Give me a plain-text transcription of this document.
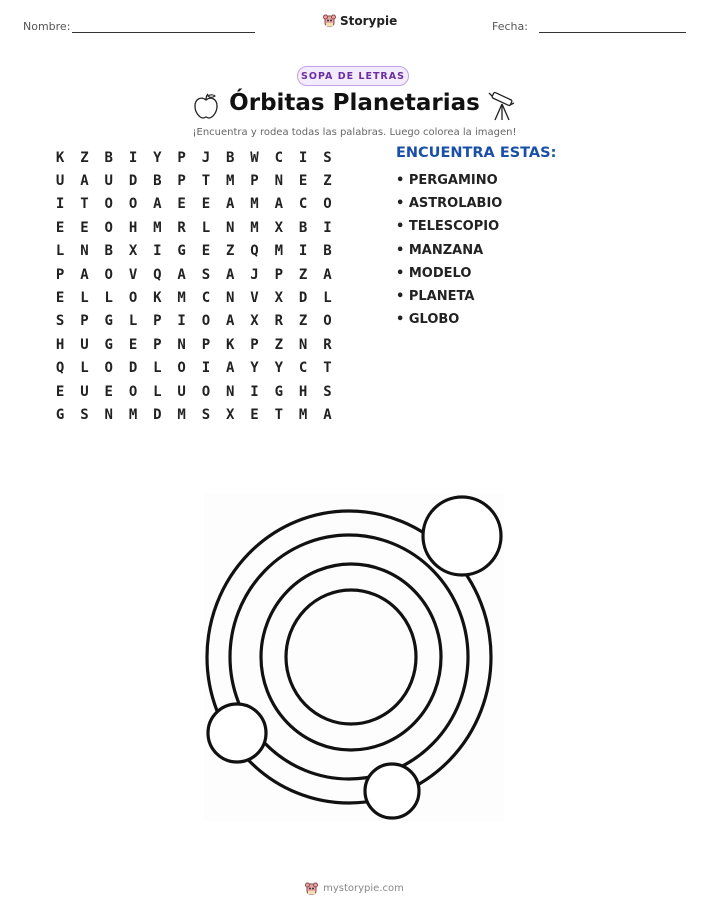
Nombre:	Storypie	Fecha:
SOPA DE LETRAS
Órbitas Planetarias
¡Encuentra y rodea todas las palabras. Luego colorea la imagen!
K	Z	B	I	Y	P	J	B	W	C	I	S
U	A	U	D	B	P	T	M	P	N	E	Z
I	T	O	O	A	E	E	A	M	A	C	O
E	E	O	H	M	R	L	N	M	X	B	I
L	N	B	X	I	G	E	Z	Q	M	I	B
P	A	O	V	Q	A	S	A	J	P	Z	A
E	L	L	O	K	M	C	N	V	X	D	L
S	P	G	L	P	I	O	A	X	R	Z	O
H	U	G	E	P	N	P	K	P	Z	N	R
Q	L	O	D	L	O	I	A	Y	Y	C	T
E	U	E	O	L	U	O	N	I	G	H	S
G	S	N	M	D	M	S	X	E	T	M	A
ENCUENTRA ESTAS:
• PERGAMINO
• ASTROLABIO
• TELESCOPIO
• MANZANA
• MODELO
• PLANETA
• GLOBO
mystorypie.com
